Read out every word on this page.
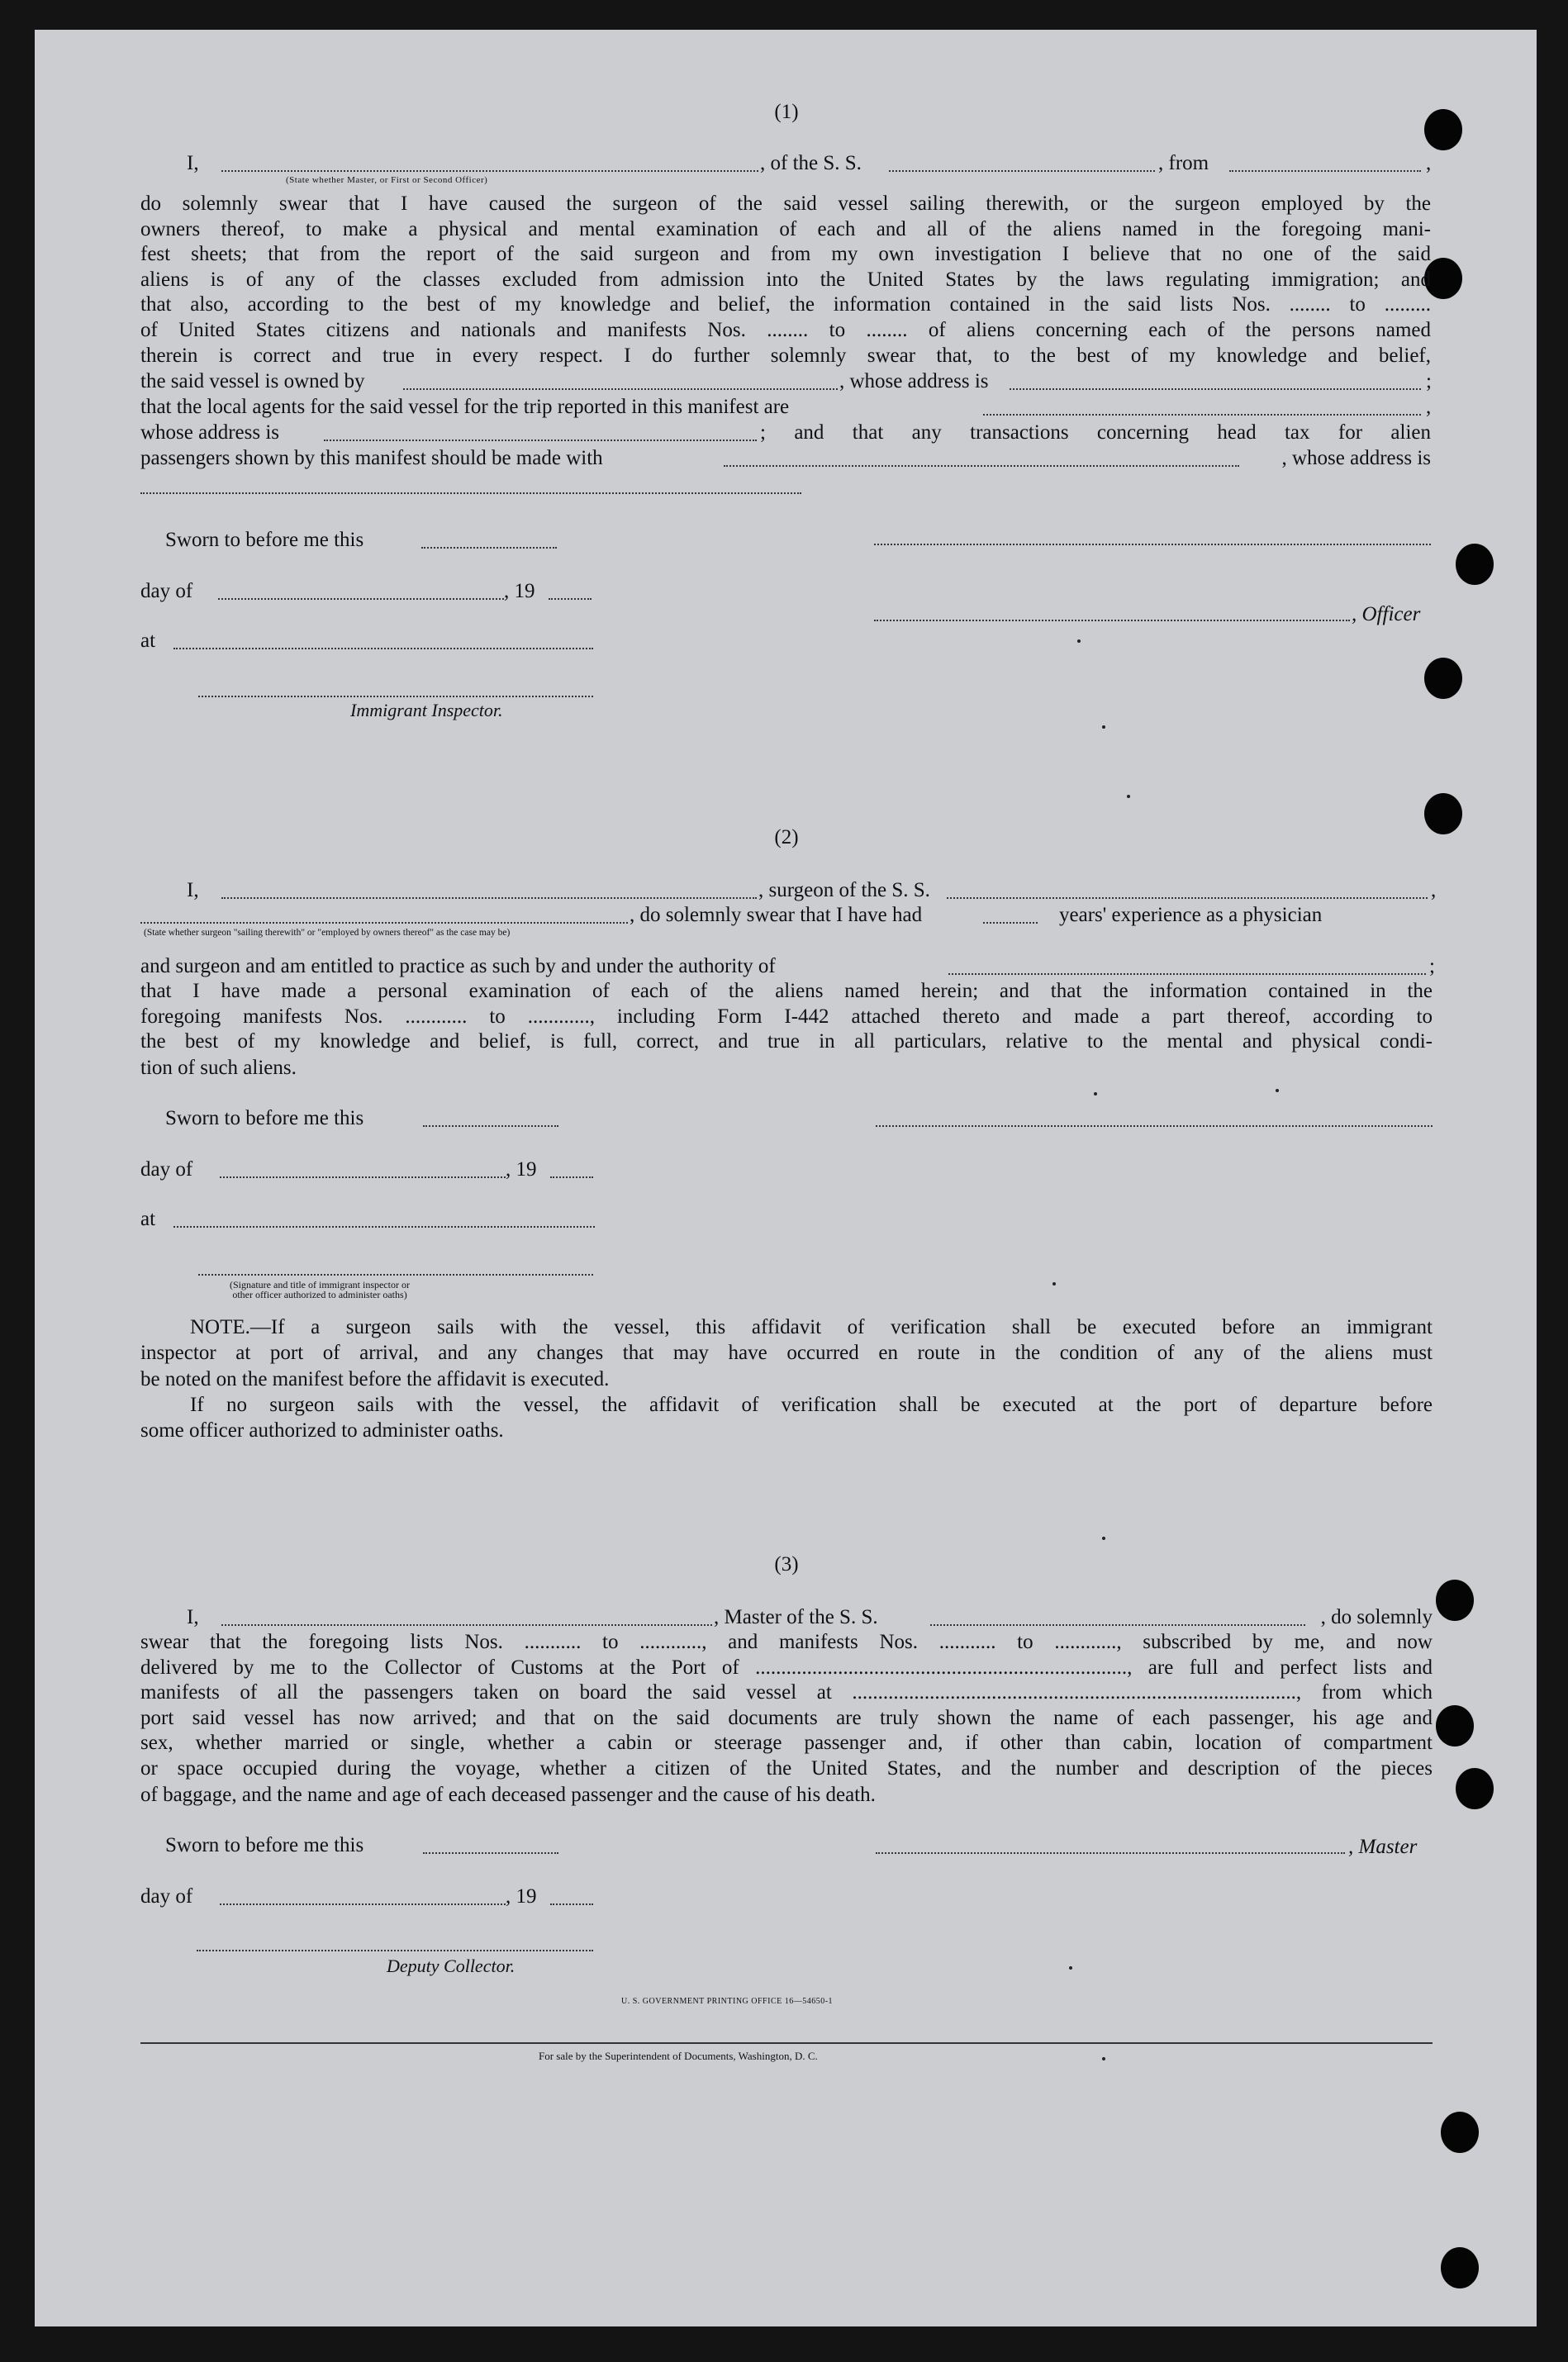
(1)
I,	, of the S. S.	, from	,
(State whether Master, or First or Second Officer)
do solemnly swear that I have caused the surgeon of the said vessel sailing therewith, or the surgeon employed by the
owners thereof, to make a physical and mental examination of each and all of the aliens named in the foregoing mani-
fest sheets; that from the report of the said surgeon and from my own investigation I believe that no one of the said
aliens is of any of the classes excluded from admission into the United States by the laws regulating immigration; and
that also, according to the best of my knowledge and belief, the information contained in the said lists Nos. ........ to .........
of United States citizens and nationals and manifests Nos. ........ to ........ of aliens concerning each of the persons named
therein is correct and true in every respect. I do further solemnly swear that, to the best of my knowledge and belief,
the said vessel is owned by	, whose address is	;
that the local agents for the said vessel for the trip reported in this manifest are	,
whose address is	; and that any transactions concerning head tax for alien
passengers shown by this manifest should be made with	, whose address is
Sworn to before me this
day of	, 19
, Officer
at
Immigrant Inspector.
(2)
I,	, surgeon of the S. S.	,
, do solemnly swear that I have had	years' experience as a physician
(State whether surgeon "sailing therewith" or "employed by owners thereof" as the case may be)
and surgeon and am entitled to practice as such by and under the authority of	;
that I have made a personal examination of each of the aliens named herein; and that the information contained in the
foregoing manifests Nos. ............ to ............, including Form I-442 attached thereto and made a part thereof, according to
the best of my knowledge and belief, is full, correct, and true in all particulars, relative to the mental and physical condi-
tion of such aliens.
Sworn to before me this
day of	, 19
at
(Signature and title of immigrant inspector or
other officer authorized to administer oaths)
NOTE.—If a surgeon sails with the vessel, this affidavit of verification shall be executed before an immigrant
inspector at port of arrival, and any changes that may have occurred en route in the condition of any of the aliens must
be noted on the manifest before the affidavit is executed.
If no surgeon sails with the vessel, the affidavit of verification shall be executed at the port of departure before
some officer authorized to administer oaths.
(3)
I,	, Master of the S. S.	, do solemnly
swear that the foregoing lists Nos. ........... to ............, and manifests Nos. ........... to ............, subscribed by me, and now
delivered by me to the Collector of Customs at the Port of ........................................................................, are full and perfect lists and
manifests of all the passengers taken on board the said vessel at ......................................................................................, from which
port said vessel has now arrived; and that on the said documents are truly shown the name of each passenger, his age and
sex, whether married or single, whether a cabin or steerage passenger and, if other than cabin, location of compartment
or space occupied during the voyage, whether a citizen of the United States, and the number and description of the pieces
of baggage, and the name and age of each deceased passenger and the cause of his death.
Sworn to before me this	, Master
day of	, 19
Deputy Collector.
U. S. GOVERNMENT PRINTING OFFICE 16—54650-1
For sale by the Superintendent of Documents, Washington, D. C.
